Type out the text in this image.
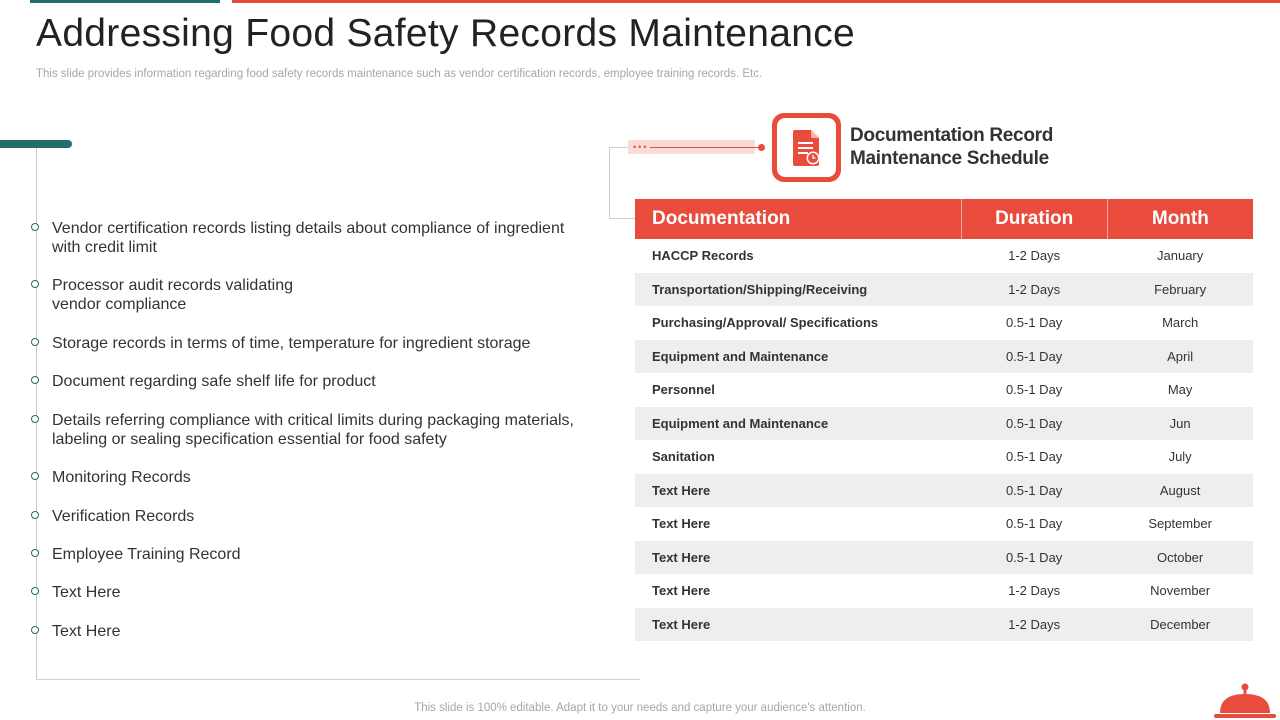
Addressing Food Safety Records Maintenance

This slide provides information regarding food safety records maintenance such as vendor certification records, employee training records. Etc.

Vendor certification records listing details about compliance of ingredient with credit limit
Processor audit records validating vendor compliance
Storage records in terms of time, temperature for ingredient storage
Document regarding safe shelf life for product
Details referring compliance with critical limits during packaging materials, labeling or sealing specification essential for food safety
Monitoring Records
Verification Records
Employee Training Record
Text Here
Text Here
•••
Documentation Record
Maintenance Schedule
Documentation	Duration	Month
HACCP Records	1-2 Days	January
Transportation/Shipping/Receiving	1-2 Days	February
Purchasing/Approval/ Specifications	0.5-1 Day	March
Equipment and Maintenance	0.5-1 Day	April
Personnel	0.5-1 Day	May
Equipment and Maintenance	0.5-1 Day	Jun
Sanitation	0.5-1 Day	July
Text Here	0.5-1 Day	August
Text Here	0.5-1 Day	September
Text Here	0.5-1 Day	October
Text Here	1-2 Days	November
Text Here	1-2 Days	December
This slide is 100% editable. Adapt it to your needs and capture your audience's attention.
